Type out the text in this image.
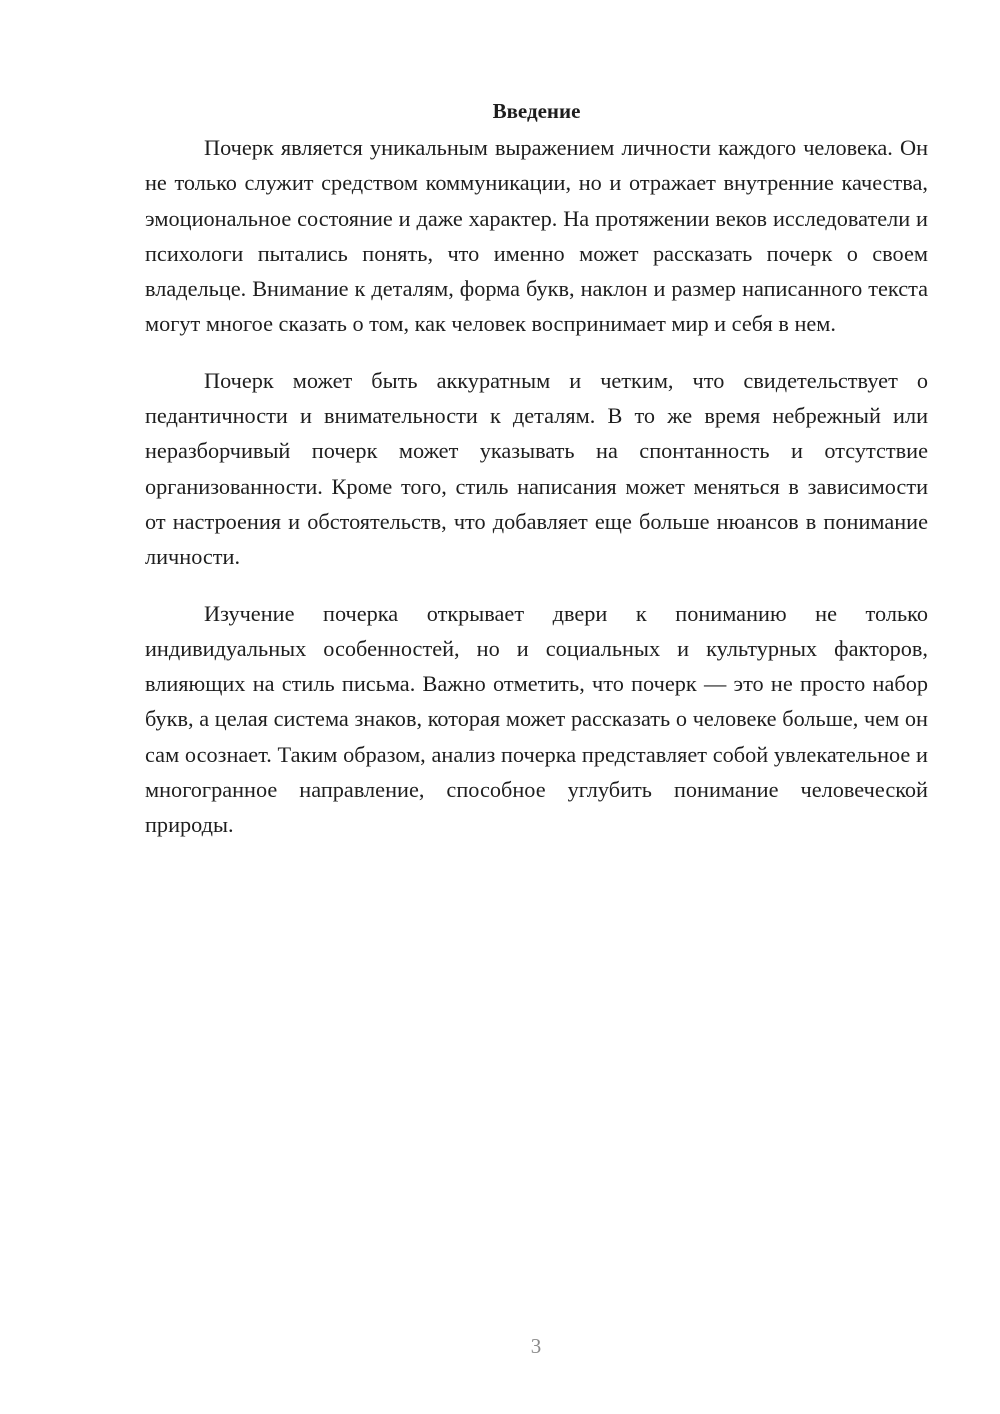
Введение

Почерк является уникальным выражением личности каждого человека. Он не только служит средством коммуникации, но и отражает внутренние качества, эмоциональное состояние и даже характер. На протяжении веков исследователи и психологи пытались понять, что именно может рассказать почерк о своем владельце. Внимание к деталям, форма букв, наклон и размер написанного текста могут многое сказать о том, как человек воспринимает мир и себя в нем.

Почерк может быть аккуратным и четким, что свидетельствует о педантичности и внимательности к деталям. В то же время небрежный или неразборчивый почерк может указывать на спонтанность и отсутствие организованности. Кроме того, стиль написания может меняться в зависимости от настроения и обстоятельств, что добавляет еще больше нюансов в понимание личности.

Изучение почерка открывает двери к пониманию не только индивидуальных особенностей, но и социальных и культурных факторов, влияющих на стиль письма. Важно отметить, что почерк — это не просто набор букв, а целая система знаков, которая может рассказать о человеке больше, чем он сам осознает. Таким образом, анализ почерка представляет собой увлекательное и многогранное направление, способное углубить понимание человеческой природы.

3
